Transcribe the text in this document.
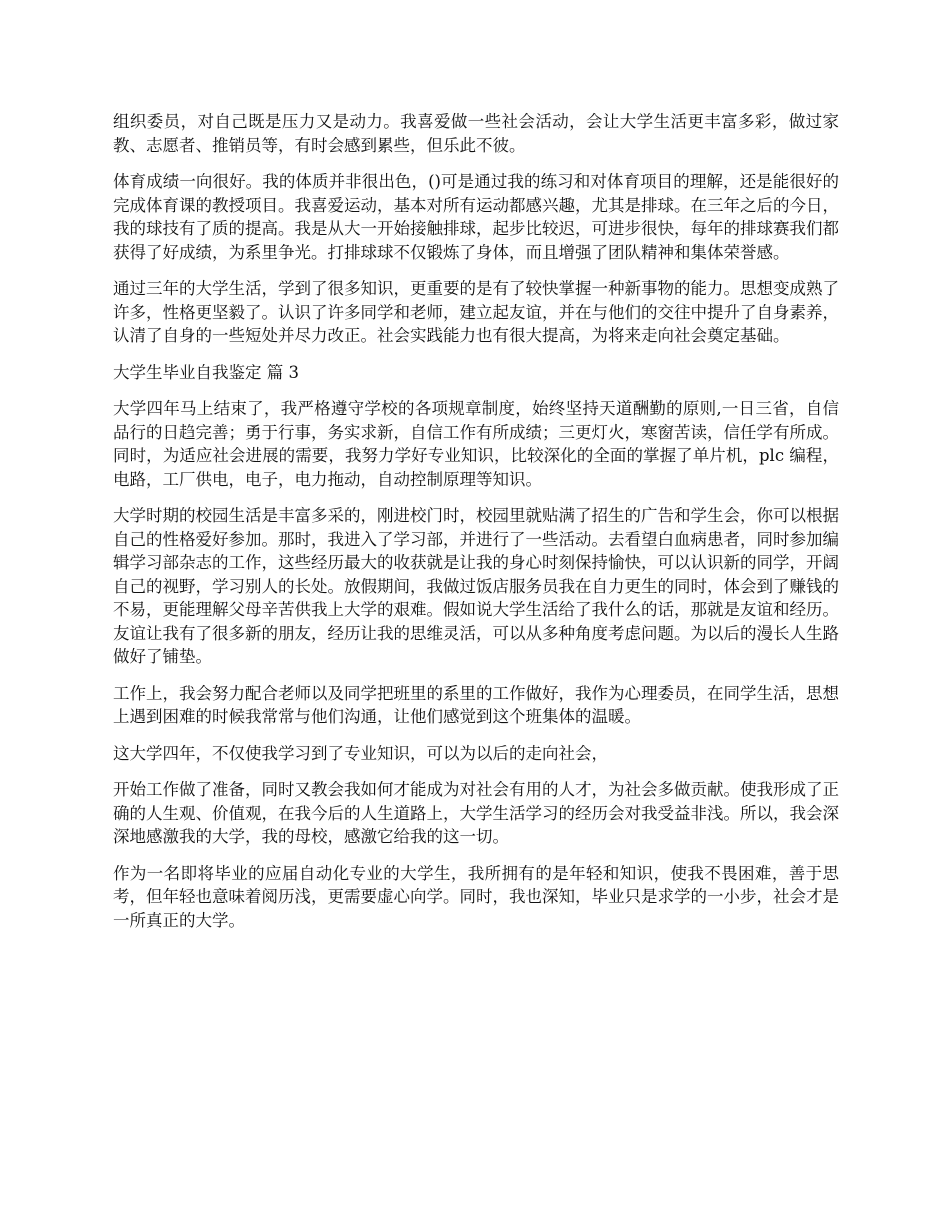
组织委员，对自己既是压力又是动力。我喜爱做一些社会活动，会让大学生活更丰富多彩，做过家教、志愿者、推销员等，有时会感到累些，但乐此不彼。

体育成绩一向很好。我的体质并非很出色，()可是通过我的练习和对体育项目的理解，还是能很好的完成体育课的教授项目。我喜爱运动，基本对所有运动都感兴趣，尤其是排球。在三年之后的今日，我的球技有了质的提高。我是从大一开始接触排球，起步比较迟，可进步很快，每年的排球赛我们都获得了好成绩，为系里争光。打排球球不仅锻炼了身体，而且增强了团队精神和集体荣誉感。

通过三年的大学生活，学到了很多知识，更重要的是有了较快掌握一种新事物的能力。思想变成熟了许多，性格更坚毅了。认识了许多同学和老师，建立起友谊，并在与他们的交往中提升了自身素养，认清了自身的一些短处并尽力改正。社会实践能力也有很大提高，为将来走向社会奠定基础。

大学生毕业自我鉴定 篇 3

大学四年马上结束了，我严格遵守学校的各项规章制度，始终坚持天道酬勤的原则,一日三省，自信品行的日趋完善；勇于行事，务实求新，自信工作有所成绩；三更灯火，寒窗苦读，信任学有所成。同时，为适应社会进展的需要，我努力学好专业知识，比较深化的全面的掌握了单片机，plc 编程，电路，工厂供电，电子，电力拖动，自动控制原理等知识。

大学时期的校园生活是丰富多采的，刚进校门时，校园里就贴满了招生的广告和学生会，你可以根据自己的性格爱好参加。那时，我进入了学习部，并进行了一些活动。去看望白血病患者，同时参加编辑学习部杂志的工作，这些经历最大的收获就是让我的身心时刻保持愉快，可以认识新的同学，开阔自己的视野，学习别人的长处。放假期间，我做过饭店服务员我在自力更生的同时，体会到了赚钱的不易，更能理解父母辛苦供我上大学的艰难。假如说大学生活给了我什么的话，那就是友谊和经历。友谊让我有了很多新的朋友，经历让我的思维灵活，可以从多种角度考虑问题。为以后的漫长人生路做好了铺垫。

工作上，我会努力配合老师以及同学把班里的系里的工作做好，我作为心理委员，在同学生活，思想上遇到困难的时候我常常与他们沟通，让他们感觉到这个班集体的温暖。

这大学四年，不仅使我学习到了专业知识，可以为以后的走向社会，

开始工作做了准备，同时又教会我如何才能成为对社会有用的人才，为社会多做贡献。使我形成了正确的人生观、价值观，在我今后的人生道路上，大学生活学习的经历会对我受益非浅。所以，我会深深地感激我的大学，我的母校，感激它给我的这一切。

作为一名即将毕业的应届自动化专业的大学生，我所拥有的是年轻和知识，使我不畏困难，善于思考，但年轻也意味着阅历浅，更需要虚心向学。同时，我也深知，毕业只是求学的一小步，社会才是一所真正的大学。
